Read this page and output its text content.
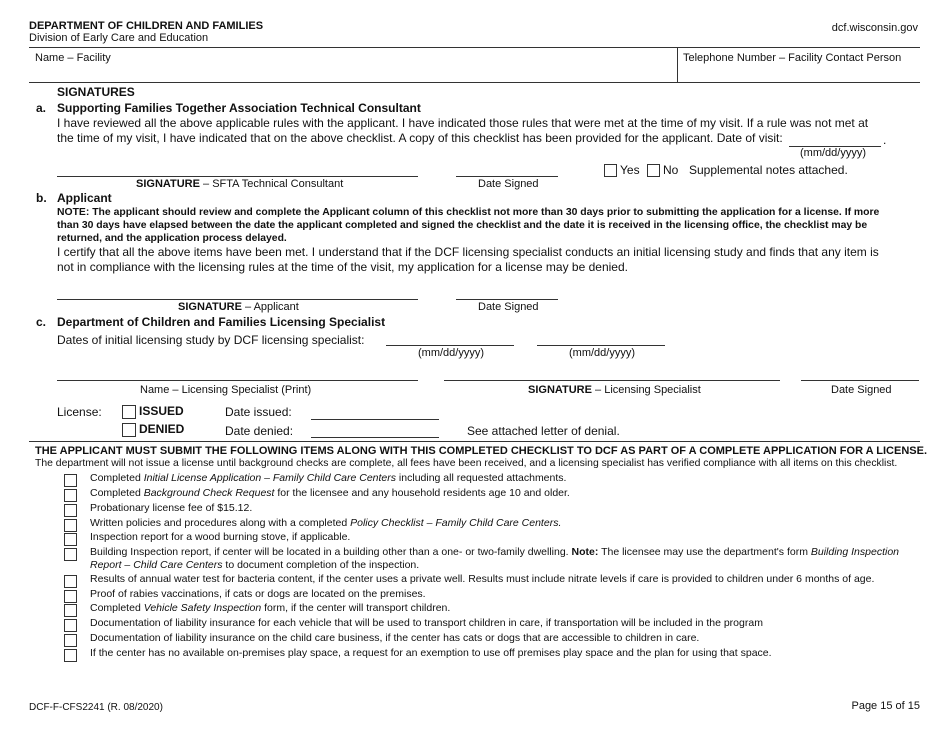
DEPARTMENT OF CHILDREN AND FAMILIES
Division of Early Care and Education
dcf.wisconsin.gov
Name – Facility	Telephone Number – Facility Contact Person
SIGNATURES
a. Supporting Families Together Association Technical Consultant
I have reviewed all the above applicable rules with the applicant. I have indicated those rules that were met at the time of my visit. If a rule was not met at the time of my visit, I have indicated that on the above checklist. A copy of this checklist has been provided for the applicant. Date of visit:	.
(mm/dd/yyyy)
Yes No Supplemental notes attached.
SIGNATURE – SFTA Technical Consultant	Date Signed
b. Applicant
NOTE: The applicant should review and complete the Applicant column of this checklist not more than 30 days prior to submitting the application for a license. If more than 30 days have elapsed between the date the applicant completed and signed the checklist and the date it is received in the licensing office, the checklist may be returned, and the application process delayed.
I certify that all the above items have been met. I understand that if the DCF licensing specialist conducts an initial licensing study and finds that any item is not in compliance with the licensing rules at the time of the visit, my application for a license may be denied.
SIGNATURE – Applicant	Date Signed
c. Department of Children and Families Licensing Specialist
Dates of initial licensing study by DCF licensing specialist:
(mm/dd/yyyy)	(mm/dd/yyyy)
Name – Licensing Specialist (Print)	SIGNATURE – Licensing Specialist	Date Signed
License:	ISSUED	Date issued:
DENIED	Date denied:	See attached letter of denial.
THE APPLICANT MUST SUBMIT THE FOLLOWING ITEMS ALONG WITH THIS COMPLETED CHECKLIST TO DCF AS PART OF A COMPLETE APPLICATION FOR A LICENSE.
The department will not issue a license until background checks are complete, all fees have been received, and a licensing specialist has verified compliance with all items on this checklist.
Completed Initial License Application – Family Child Care Centers including all requested attachments.
Completed Background Check Request for the licensee and any household residents age 10 and older.
Probationary license fee of $15.12.
Written policies and procedures along with a completed Policy Checklist – Family Child Care Centers.
Inspection report for a wood burning stove, if applicable.
Building Inspection report, if center will be located in a building other than a one- or two-family dwelling. Note: The licensee may use the department's form Building Inspection Report – Child Care Centers to document completion of the inspection.
Results of annual water test for bacteria content, if the center uses a private well. Results must include nitrate levels if care is provided to children under 6 months of age.
Proof of rabies vaccinations, if cats or dogs are located on the premises.
Completed Vehicle Safety Inspection form, if the center will transport children.
Documentation of liability insurance for each vehicle that will be used to transport children in care, if transportation will be included in the program
Documentation of liability insurance on the child care business, if the center has cats or dogs that are accessible to children in care.
If the center has no available on-premises play space, a request for an exemption to use off premises play space and the plan for using that space.
DCF-F-CFS2241 (R. 08/2020)	Page 15 of 15
